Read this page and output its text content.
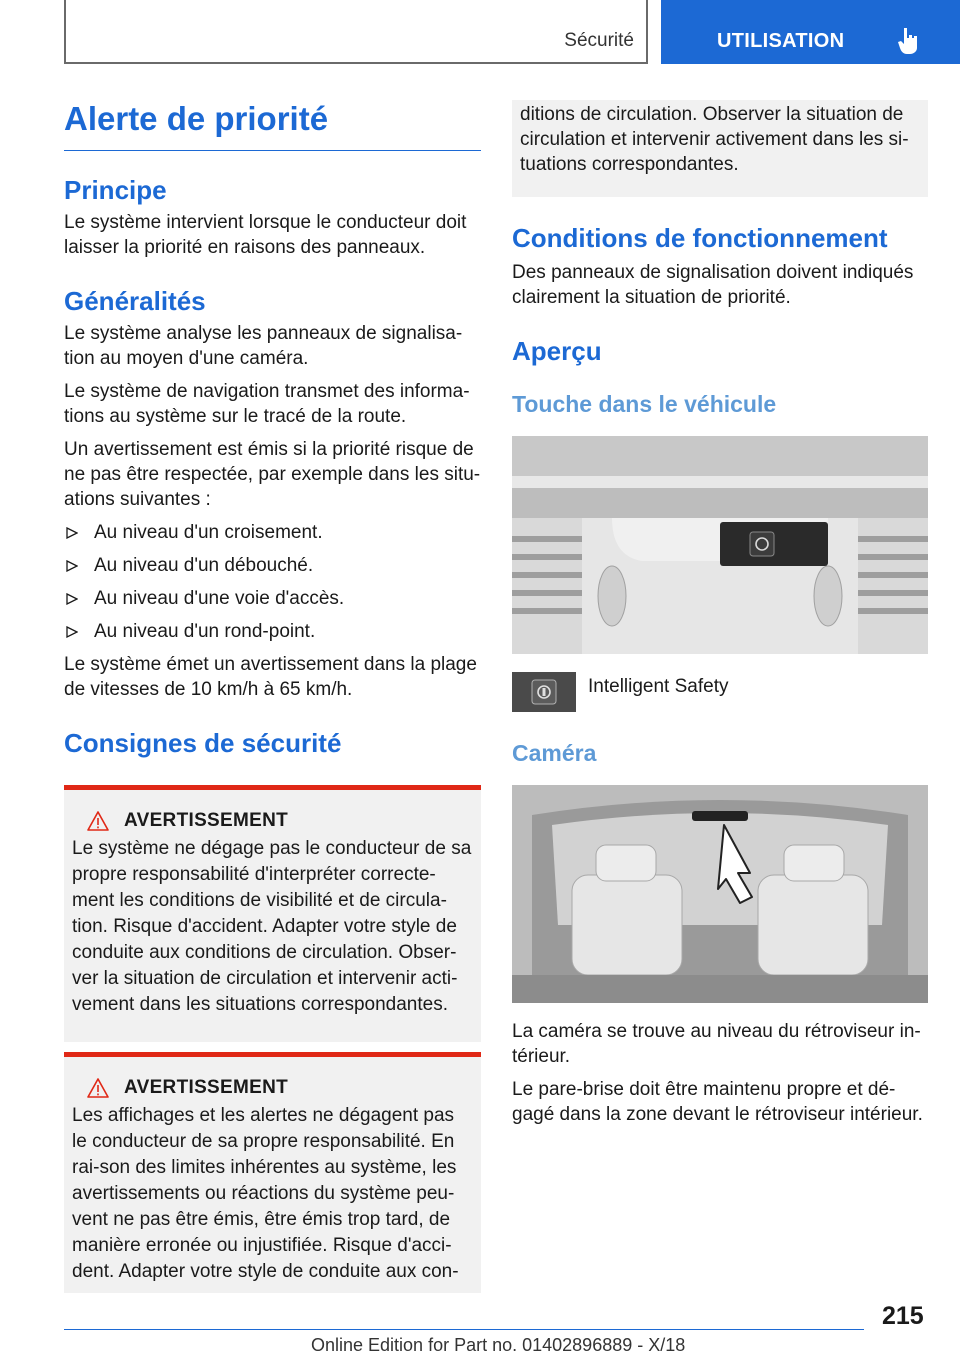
Sécurité	UTILISATION
Alerte de priorité
Principe

Le système intervient lorsque le conducteur doit laisser la priorité en raisons des panneaux.

Généralités

Le système analyse les panneaux de signalisa-tion au moyen d'une caméra.

Le système de navigation transmet des informa-tions au système sur le tracé de la route.

Un avertissement est émis si la priorité risque de ne pas être respectée, par exemple dans les situ-ations suivantes :

Au niveau d'un croisement.
Au niveau d'un débouché.
Au niveau d'une voie d'accès.
Au niveau d'un rond-point.

Le système émet un avertissement dans la plage de vitesses de 10 km/h à 65 km/h.

Consignes de sécurité
AVERTISSEMENT
Le système ne dégage pas le conducteur de sa propre responsabilité d'interpréter correcte-ment les conditions de visibilité et de circula-tion. Risque d'accident. Adapter votre style de conduite aux conditions de circulation. Obser-ver la situation de circulation et intervenir acti-vement dans les situations correspondantes.
AVERTISSEMENT
Les affichages et les alertes ne dégagent pas le conducteur de sa propre responsabilité. En rai-son des limites inhérentes au système, les avertissements ou réactions du système peu-vent ne pas être émis, être émis trop tard, de manière erronée ou injustifiée. Risque d'acci-dent. Adapter votre style de conduite aux con-

ditions de circulation. Observer la situation de circulation et intervenir activement dans les si-tuations correspondantes.

Conditions de fonctionnement

Des panneaux de signalisation doivent indiqués clairement la situation de priorité.

Aperçu
Touche dans le véhicule
Intelligent Safety
Caméra

La caméra se trouve au niveau du rétroviseur in-térieur.

Le pare-brise doit être maintenu propre et dé-gagé dans la zone devant le rétroviseur intérieur.

215
Online Edition for Part no. 01402896889 - X/18
